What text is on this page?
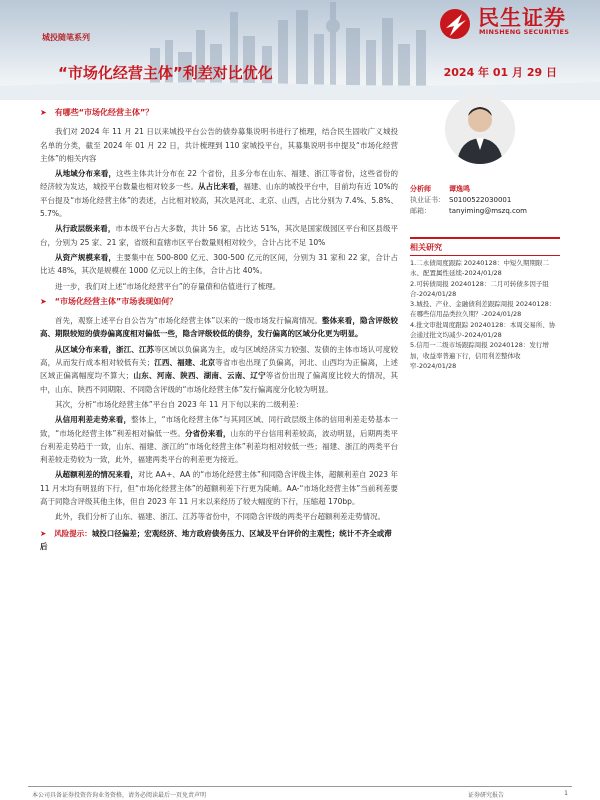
城投随笔系列
“市场化经营主体”利差对比优化
民生证券
MINSHENG SECURITIES
2024 年 01 月 29 日
➤ 有哪些“市场化经营主体”？

我们对 2024 年 11 月 21 日以来城投平台公告的债券募集说明书进行了梳理，结合民生固收广义城投名单的分类，截至 2024 年 01 月 22 日，共计梳理到 110 家城投平台，其募集说明书中提及“市场化经营主体”的相关内容

从地域分布来看，这些主体共计分布在 22 个省份，且多分布在山东、福建、浙江等省份，这些省份的经济较为发达，城投平台数量也相对较多一些。从占比来看，福建、山东的城投平台中，目前均有近 10%的平台提及“市场化经营主体”的表述，占比相对较高，其次是河北、北京、山西，占比分别为 7.4%、5.8%、5.7%。

从行政层级来看，市本级平台占大多数，共计 56 家，占比达 51%，其次是国家级园区平台和区县级平台，分别为 25 家、21 家，省级和直辖市区平台数量则相对较少，合计占比不足 10%

从资产规模来看，主要集中在 500-800 亿元、300-500 亿元的区间，分别为 31 家和 22 家，合计占比达 48%，其次是规模在 1000 亿元以上的主体，合计占比 40%。

进一步，我们对上述“市场化经营平台”的存量债和估值进行了梳理。

➤ “市场化经营主体”市场表现如何？

首先，观察上述平台自公告为“市场化经营主体”以来的一级市场发行偏离情况。整体来看，隐含评级较高、期限较短的债券偏离度相对偏低一些，隐含评级较低的债券，发行偏离的区域分化更为明显。

从区域分布来看，浙江、江苏等区域以负偏离为主，或与区域经济实力较强、发债的主体市场认可度较高，从而发行成本相对较低有关；江西、福建、北京等省市也出现了负偏离，河北、山西均为正偏离，上述区域正偏离幅度均不算大；山东、河南、陕西、湖南、云南、辽宁等省份出现了偏离度比较大的情况，其中，山东、陕西不同期限、不同隐含评级的“市场化经营主体”发行偏离度分化较为明显。

其次，分析“市场化经营主体”平台自 2023 年 11 月下旬以来的二级利差：

从信用利差走势来看，整体上，“市场化经营主体”与其同区域、同行政层级主体的信用利差走势基本一致，“市场化经营主体”利差相对偏低一些。分省份来看，山东的平台信用利差较高，波动明显，后期两类平台利差走势趋于一致，山东、福建、浙江的“市场化经营主体”利差均相对较低一些；福建、浙江的两类平台利差较走势较为一致，此外，福建两类平台的利差更为接近。

从超额利差的情况来看，对比 AA+、AA 的“市场化经营主体”和同隐含评级主体，超额利差自 2023 年 11 月末均有明显的下行，但“市场化经营主体”的超额利差下行更为陡峭。AA-“市场化经营主体”当前利差要高于同隐含评级其他主体，但自 2023 年 11 月末以来经历了较大幅度的下行，压缩超 170bp。

此外，我们分析了山东、福建、浙江、江苏等省份中，不同隐含评级的两类平台超额利差走势情况。

➤ 风险提示：城投口径偏差；宏观经济、地方政府债务压力、区域及平台评价的主观性；统计不齐全或滞后
分析师	谭逸鸣
执业证书： S0100522030001
邮箱：	tanyiming@mszq.com
相关研究
1.二永债周度跟踪 20240128：中短久期期限二永、配置属性延续-2024/01/28
2.可转债周报 20240128：二月可转债多因子组合-2024/01/28
3.城投、产业、金融债利差跟踪周报 20240128：在哪些信用品类拉久期？-2024/01/28
4.批文审批周度跟踪 20240128：本周交易所、协会通过批文均减少-2024/01/28
5.信用一二级市场跟踪周报 20240128：发行增加，收益率普遍下行，信用利差整体收窄-2024/01/28
本公司具备证券投资咨询业务资格，请务必阅读最后一页免责声明	证券研究报告	1
